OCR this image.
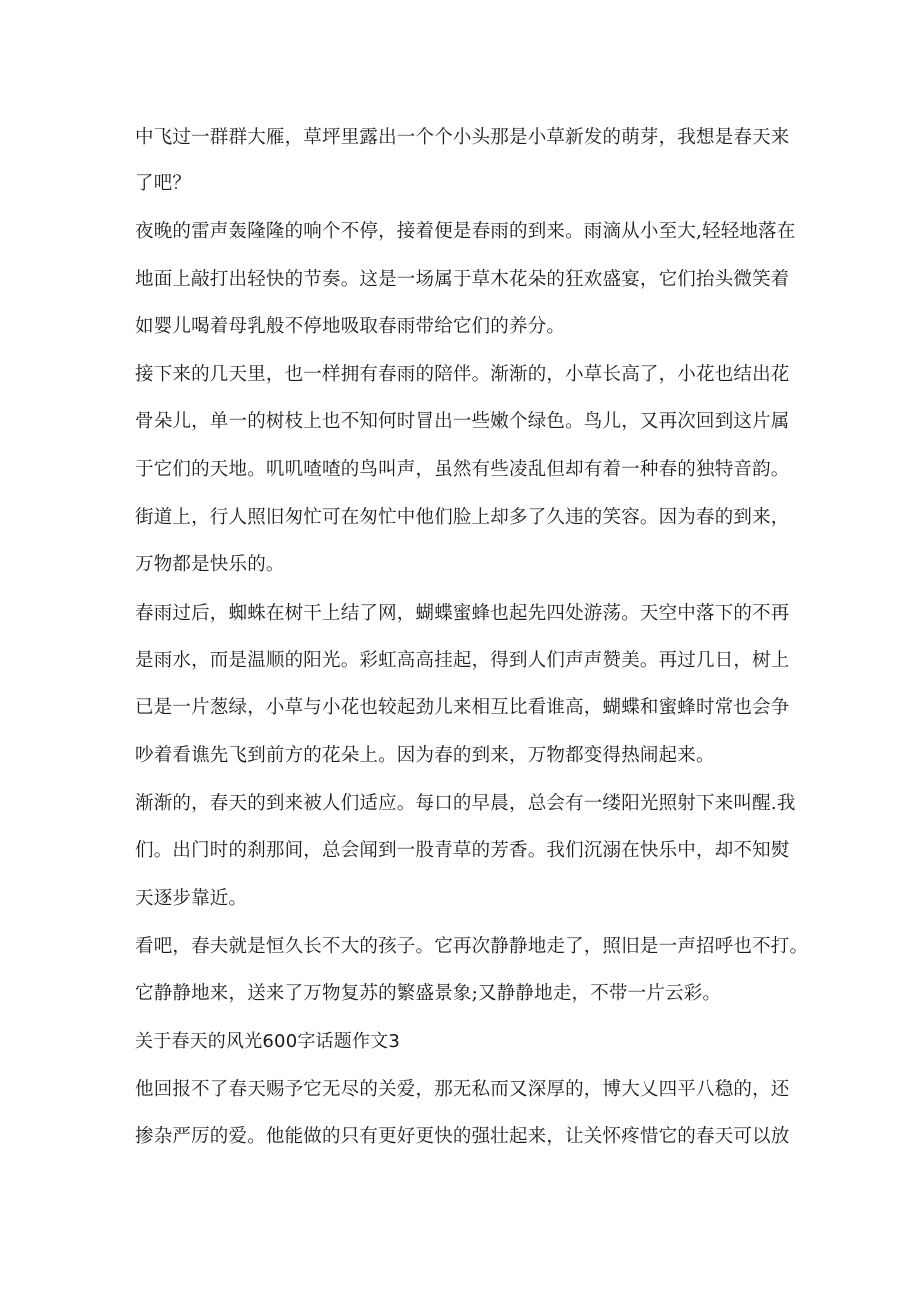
中飞过一群群大雁，草坪里露出一个个小头那是小草新发的萌芽，我想是春天来
了吧？
夜晚的雷声轰隆隆的响个不停，接着便是春雨的到来。雨滴从小至大,轻轻地落在
地面上敲打出轻快的节奏。这是一场属于草木花朵的狂欢盛宴，它们抬头微笑着
如婴儿喝着母乳般不停地吸取春雨带给它们的养分。
接下来的几天里，也一样拥有春雨的陪伴。渐渐的，小草长高了，小花也结出花
骨朵儿，单一的树枝上也不知何时冒出一些嫩个绿色。鸟儿，又再次回到这片属
于它们的天地。叽叽喳喳的鸟叫声，虽然有些凌乱但却有着一种春的独特音韵。
街道上，行人照旧匆忙可在匆忙中他们脸上却多了久违的笑容。因为春的到来，
万物都是快乐的。
春雨过后，蜘蛛在树干上结了网，蝴蝶蜜蜂也起先四处游荡。天空中落下的不再
是雨水，而是温顺的阳光。彩虹高高挂起，得到人们声声赞美。再过几日，树上
已是一片葱绿，小草与小花也较起劲儿来相互比看谁高，蝴蝶和蜜蜂时常也会争
吵着看谯先飞到前方的花朵上。因为春的到来，万物都变得热闹起来。
渐渐的，春天的到来被人们适应。每口的早晨，总会有一缕阳光照射下来叫醒.我
们。出门时的刹那间，总会闻到一股青草的芳香。我们沉溺在快乐中，却不知熨
天逐步靠近。
看吧，春夫就是恒久长不大的孩子。它再次静静地走了，照旧是一声招呼也不打。
它静静地来，送来了万物复苏的繁盛景象;又静静地走，不带一片云彩。
关于春天的风光600字话题作文3
他回报不了春天赐予它无尽的关爱，那无私而又深厚的，博大乂四平八稳的，还
掺杂严厉的爱。他能做的只有更好更快的强壮起来，让关怀疼惜它的春天可以放
